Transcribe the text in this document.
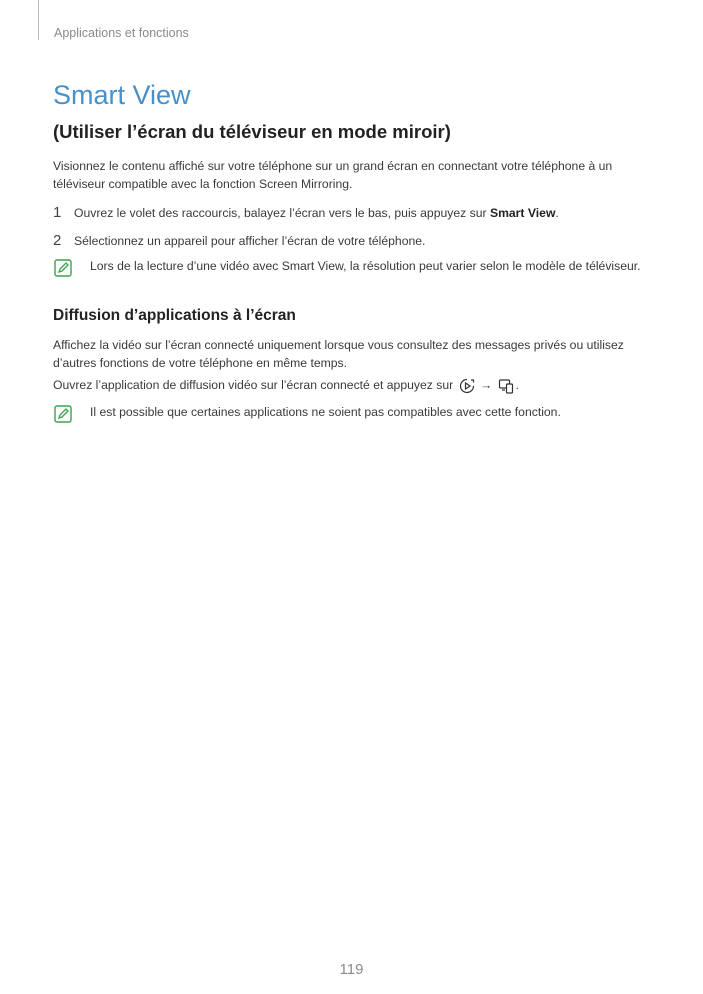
Applications et fonctions
Smart View
(Utiliser l’écran du téléviseur en mode miroir)

Visionnez le contenu affiché sur votre téléphone sur un grand écran en connectant votre téléphone à un téléviseur compatible avec la fonction Screen Mirroring.

1	Ouvrez le volet des raccourcis, balayez l’écran vers le bas, puis appuyez sur Smart View.
2	Sélectionnez un appareil pour afficher l’écran de votre téléphone.
Lors de la lecture d’une vidéo avec Smart View, la résolution peut varier selon le modèle de téléviseur.
Diffusion d’applications à l’écran

Affichez la vidéo sur l’écran connecté uniquement lorsque vous consultez des messages privés ou utilisez d’autres fonctions de votre téléphone en même temps.

Ouvrez l’application de diffusion vidéo sur l’écran connecté et appuyez sur → .

Il est possible que certaines applications ne soient pas compatibles avec cette fonction.
119
